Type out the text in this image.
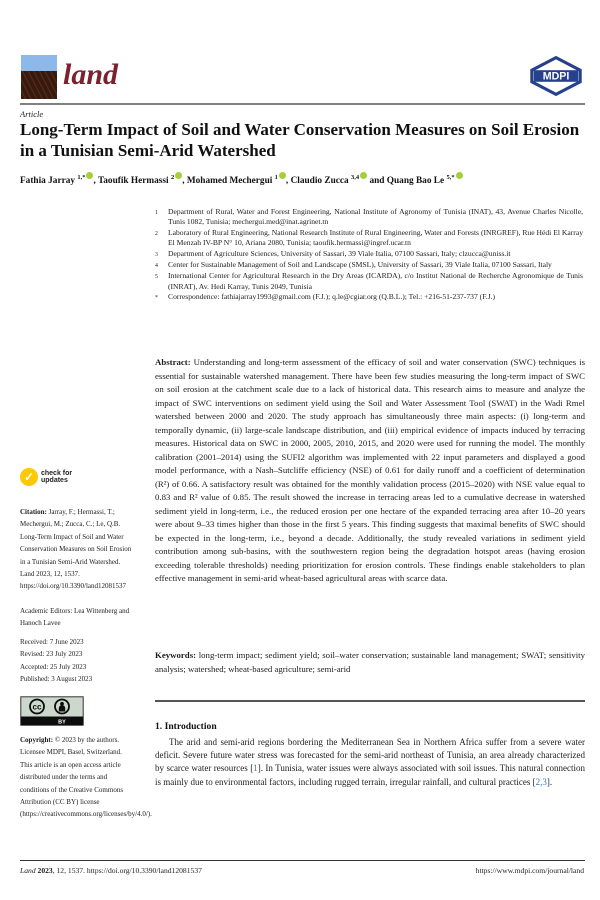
land	MDPI
Article
Long-Term Impact of Soil and Water Conservation Measures on Soil Erosion in a Tunisian Semi-Arid Watershed
Fathia Jarray $^{1,*}$ , Taoufik Hermassi $^2$ , Mohamed Mechergui $^1$ , Claudio Zucca $^{3,4}$ and Quang Bao Le $^{5,*}$
1	Department of Rural, Water and Forest Engineering, National Institute of Agronomy of Tunisia (INAT), 43, Avenue Charles Nicolle, Tunis 1082, Tunisia; mechergui.med@inat.agrinet.tn
2	Laboratory of Rural Engineering, National Research Institute of Rural Engineering, Water and Forests (INRGREF), Rue Hédi El Karray El Menzah IV-BP N° 10, Ariana 2080, Tunisia; taoufik.hermassi@ingref.ucar.tn
3	Department of Agriculture Sciences, University of Sassari, 39 Viale Italia, 07100 Sassari, Italy; clzucca@uniss.it
4	Center for Sustainable Management of Soil and Landscape (SMSL), University of Sassari, 39 Viale Italia, 07100 Sassari, Italy
5	International Center for Agricultural Research in the Dry Areas (ICARDA), c/o Institut National de Recherche Agronomique de Tunis (INRAT), Av. Hedi Karray, Tunis 2049, Tunisia
*	Correspondence: fathiajarray1993@gmail.com (F.J.); q.le@cgiar.org (Q.B.L.); Tel.: +216-51-237-737 (F.J.)
Abstract: Understanding and long-term assessment of the efficacy of soil and water conservation (SWC) techniques is essential for sustainable watershed management. There have been few studies measuring the long-term impact of SWC on soil erosion at the catchment scale due to a lack of historical data. This research aims to measure and analyze the impact of SWC interventions on sediment yield using the Soil and Water Assessment Tool (SWAT) in the Wadi Rmel watershed between 2000 and 2020. The study approach has simultaneously three main aspects: (i) long-term and temporally dynamic, (ii) large-scale landscape distribution, and (iii) empirical evidence of impacts induced by terracing measures. Historical data on SWC in 2000, 2005, 2010, 2015, and 2020 were used for running the model. The monthly calibration (2001–2014) using the SUFI2 algorithm was implemented with 22 input parameters and displayed a good model performance, with a Nash–Sutcliffe efficiency (NSE) of 0.61 for daily runoff and a coefficient of determination (R²) of 0.66. A satisfactory result was obtained for the monthly validation process (2015–2020) with NSE value equal to 0.83 and R² value of 0.85. The result showed the increase in terracing areas led to a cumulative decrease in watershed sediment yield in long-term, i.e., the reduced erosion per one hectare of the expanded terracing area after 10–20 years were about 9–33 times higher than those in the first 5 years. This finding suggests that maximal benefits of SWC should be expected in the long-term, i.e., beyond a decade. Additionally, the study revealed variations in sediment yield contribution among sub-basins, with the southwestern region being the degradation hotspot areas (having erosion exceeding tolerable thresholds) needing prioritization for erosion controls. These findings enable stakeholders to plan effective management in semi-arid wheat-based agricultural areas with scarce data.
Keywords: long-term impact; sediment yield; soil–water conservation; sustainable land management; SWAT; sensitivity analysis; watershed; wheat-based agriculture; semi-arid
1. Introduction
The arid and semi-arid regions bordering the Mediterranean Sea in Northern Africa suffer from a severe water deficit. Severe future water stress was forecasted for the semi-arid northeast of Tunisia, an area already characterized by scarce water resources [1]. In Tunisia, water issues were always associated with soil issues. This natural connection is mainly due to environmental factors, including rugged terrain, irregular rainfall, and cultural practices [2,3].
✓ check for
updates
Citation: Jarray, F.; Hermassi, T.; Mechergui, M.; Zucca, C.; Le, Q.B. Long-Term Impact of Soil and Water Conservation Measures on Soil Erosion in a Tunisian Semi-Arid Watershed. Land 2023, 12, 1537. https://doi.org/10.3390/land12081537
Academic Editors: Lea Wittenberg and Hanoch Lavee
Received: 7 June 2023
Revised: 23 July 2023
Accepted: 25 July 2023
Published: 3 August 2023
cc
BY
Copyright: © 2023 by the authors. Licensee MDPI, Basel, Switzerland. This article is an open access article distributed under the terms and conditions of the Creative Commons Attribution (CC BY) license (https://creativecommons.org/licenses/by/4.0/).
Land 2023, 12, 1537. https://doi.org/10.3390/land12081537	https://www.mdpi.com/journal/land
